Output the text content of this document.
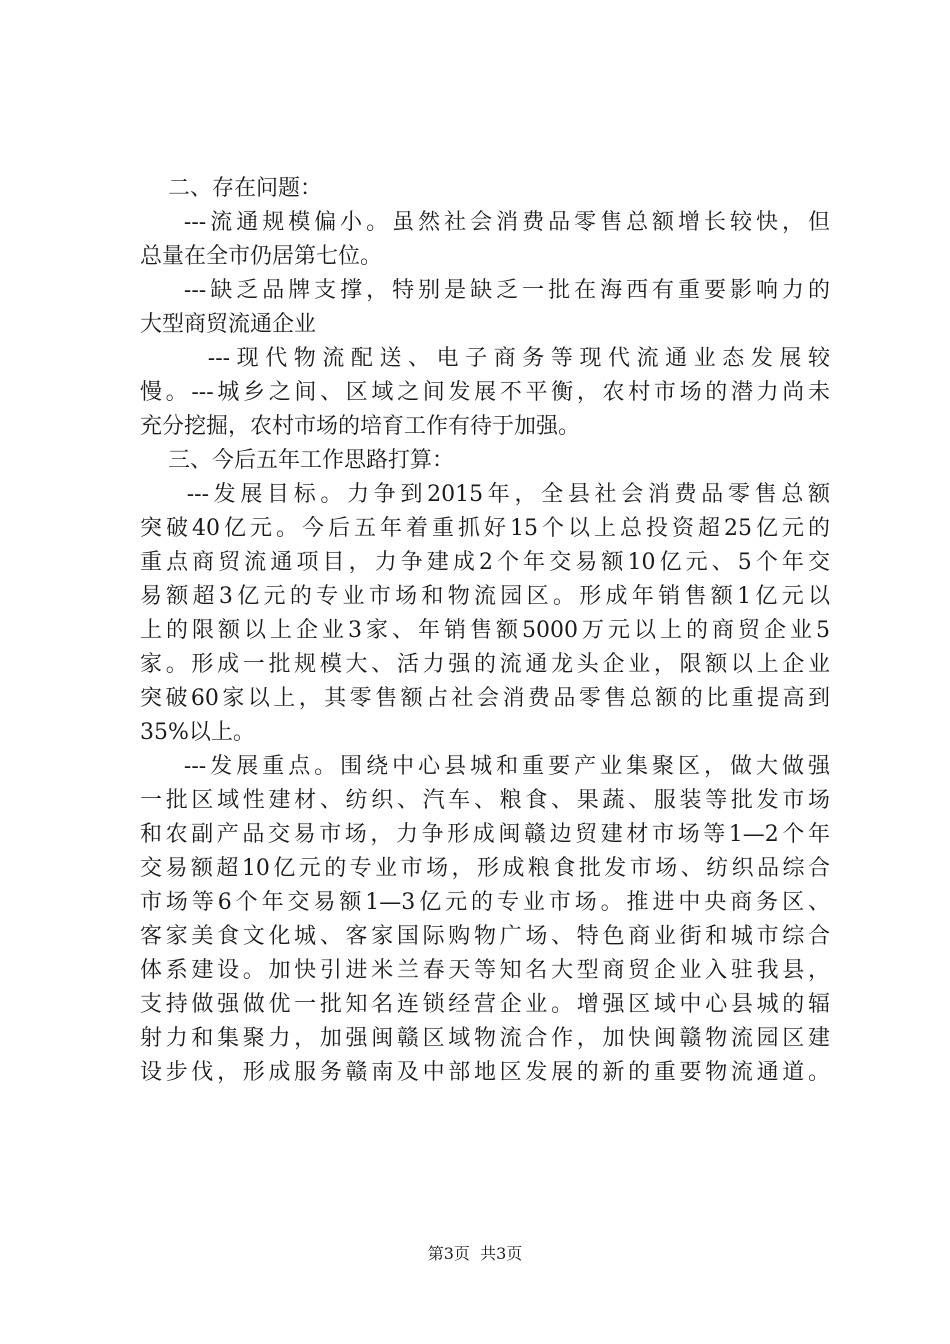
二、存在问题：
---流通规模偏小。虽然社会消费品零售总额增长较快，但
总量在全市仍居第七位。
---缺乏品牌支撑，特别是缺乏一批在海西有重要影响力的
大型商贸流通企业
---现代物流配送、电子商务等现代流通业态发展较
慢。---城乡之间、区域之间发展不平衡，农村市场的潜力尚未
充分挖掘，农村市场的培育工作有待于加强。
三、今后五年工作思路打算：
---发展目标。力争到2015年，全县社会消费品零售总额
突破40亿元。今后五年着重抓好15个以上总投资超25亿元的
重点商贸流通项目，力争建成2个年交易额10亿元、5个年交
易额超3亿元的专业市场和物流园区。形成年销售额1亿元以
上的限额以上企业3家、年销售额5000万元以上的商贸企业5
家。形成一批规模大、活力强的流通龙头企业，限额以上企业
突破60家以上，其零售额占社会消费品零售总额的比重提高到
35%以上。
---发展重点。围绕中心县城和重要产业集聚区，做大做强
一批区域性建材、纺织、汽车、粮食、果蔬、服装等批发市场
和农副产品交易市场，力争形成闽赣边贸建材市场等1—2个年
交易额超10亿元的专业市场，形成粮食批发市场、纺织品综合
市场等6个年交易额1—3亿元的专业市场。推进中央商务区、
客家美食文化城、客家国际购物广场、特色商业街和城市综合
体系建设。加快引进米兰春天等知名大型商贸企业入驻我县，
支持做强做优一批知名连锁经营企业。增强区域中心县城的辐
射力和集聚力，加强闽赣区域物流合作，加快闽赣物流园区建
设步伐，形成服务赣南及中部地区发展的新的重要物流通道。
第3页  共3页
